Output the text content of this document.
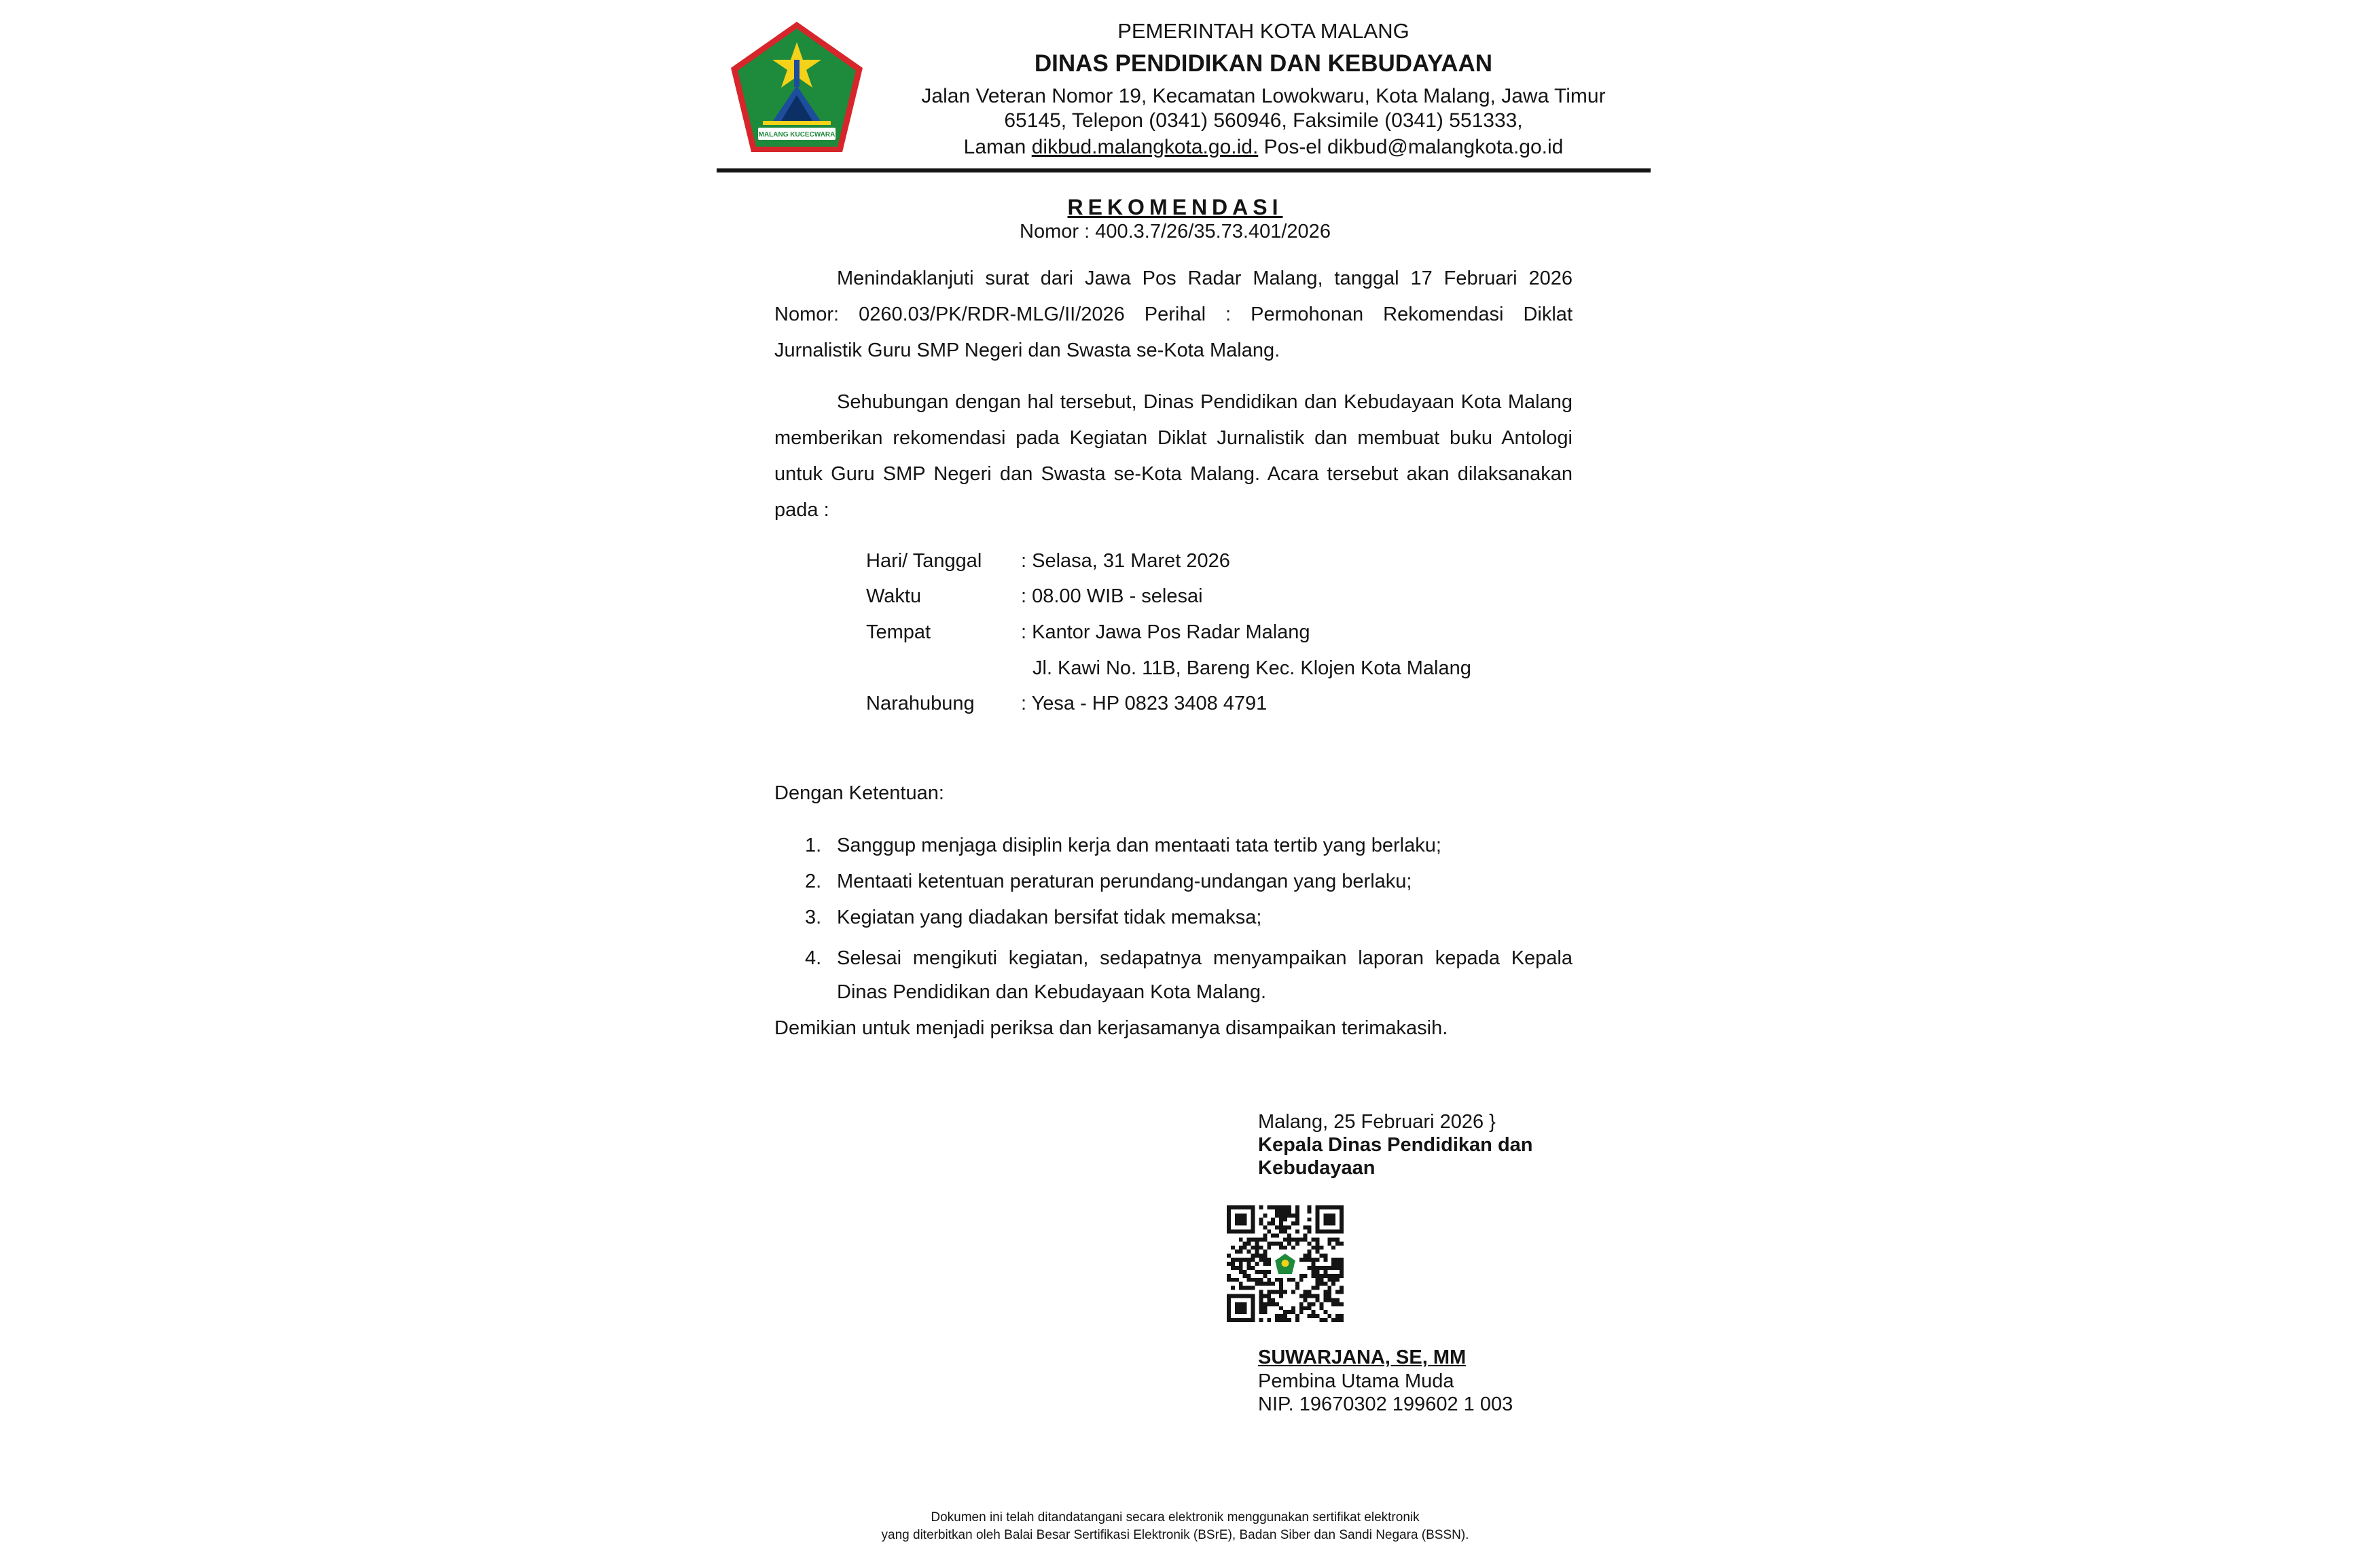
MALANG KUCECWARA
PEMERINTAH KOTA MALANG
DINAS PENDIDIKAN DAN KEBUDAYAAN
Jalan Veteran Nomor 19, Kecamatan Lowokwaru, Kota Malang, Jawa Timur
65145, Telepon (0341) 560946, Faksimile (0341) 551333,
Laman dikbud.malangkota.go.id. Pos-el dikbud@malangkota.go.id
REKOMENDASI
Nomor : 400.3.7/26/35.73.401/2026
Menindaklanjuti surat dari Jawa Pos Radar Malang, tanggal 17 Februari 2026 Nomor: 0260.03/PK/RDR-MLG/II/2026 Perihal : Permohonan Rekomendasi Diklat Jurnalistik Guru SMP Negeri dan Swasta se-Kota Malang.
Sehubungan dengan hal tersebut, Dinas Pendidikan dan Kebudayaan Kota Malang memberikan rekomendasi pada Kegiatan Diklat Jurnalistik dan membuat buku Antologi untuk Guru SMP Negeri dan Swasta se-Kota Malang. Acara tersebut akan dilaksanakan pada :
Hari/ Tanggal : Selasa, 31 Maret 2026
Waktu	: 08.00 WIB - selesai
Tempat	: Kantor Jawa Pos Radar Malang
Jl. Kawi No. 11B, Bareng Kec. Klojen Kota Malang
Narahubung : Yesa - HP 0823 3408 4791
Dengan Ketentuan:
1. Sanggup menjaga disiplin kerja dan mentaati tata tertib yang berlaku;
2. Mentaati ketentuan peraturan perundang-undangan yang berlaku;
3. Kegiatan yang diadakan bersifat tidak memaksa;
4. Selesai mengikuti kegiatan, sedapatnya menyampaikan laporan kepada Kepala
Dinas Pendidikan dan Kebudayaan Kota Malang.
Demikian untuk menjadi periksa dan kerjasamanya disampaikan terimakasih.
Malang, 25 Februari 2026 }
Kepala Dinas Pendidikan dan
Kebudayaan
SUWARJANA, SE, MM
Pembina Utama Muda
NIP. 19670302 199602 1 003
Dokumen ini telah ditandatangani secara elektronik menggunakan sertifikat elektronik
yang diterbitkan oleh Balai Besar Sertifikasi Elektronik (BSrE), Badan Siber dan Sandi Negara (BSSN).
